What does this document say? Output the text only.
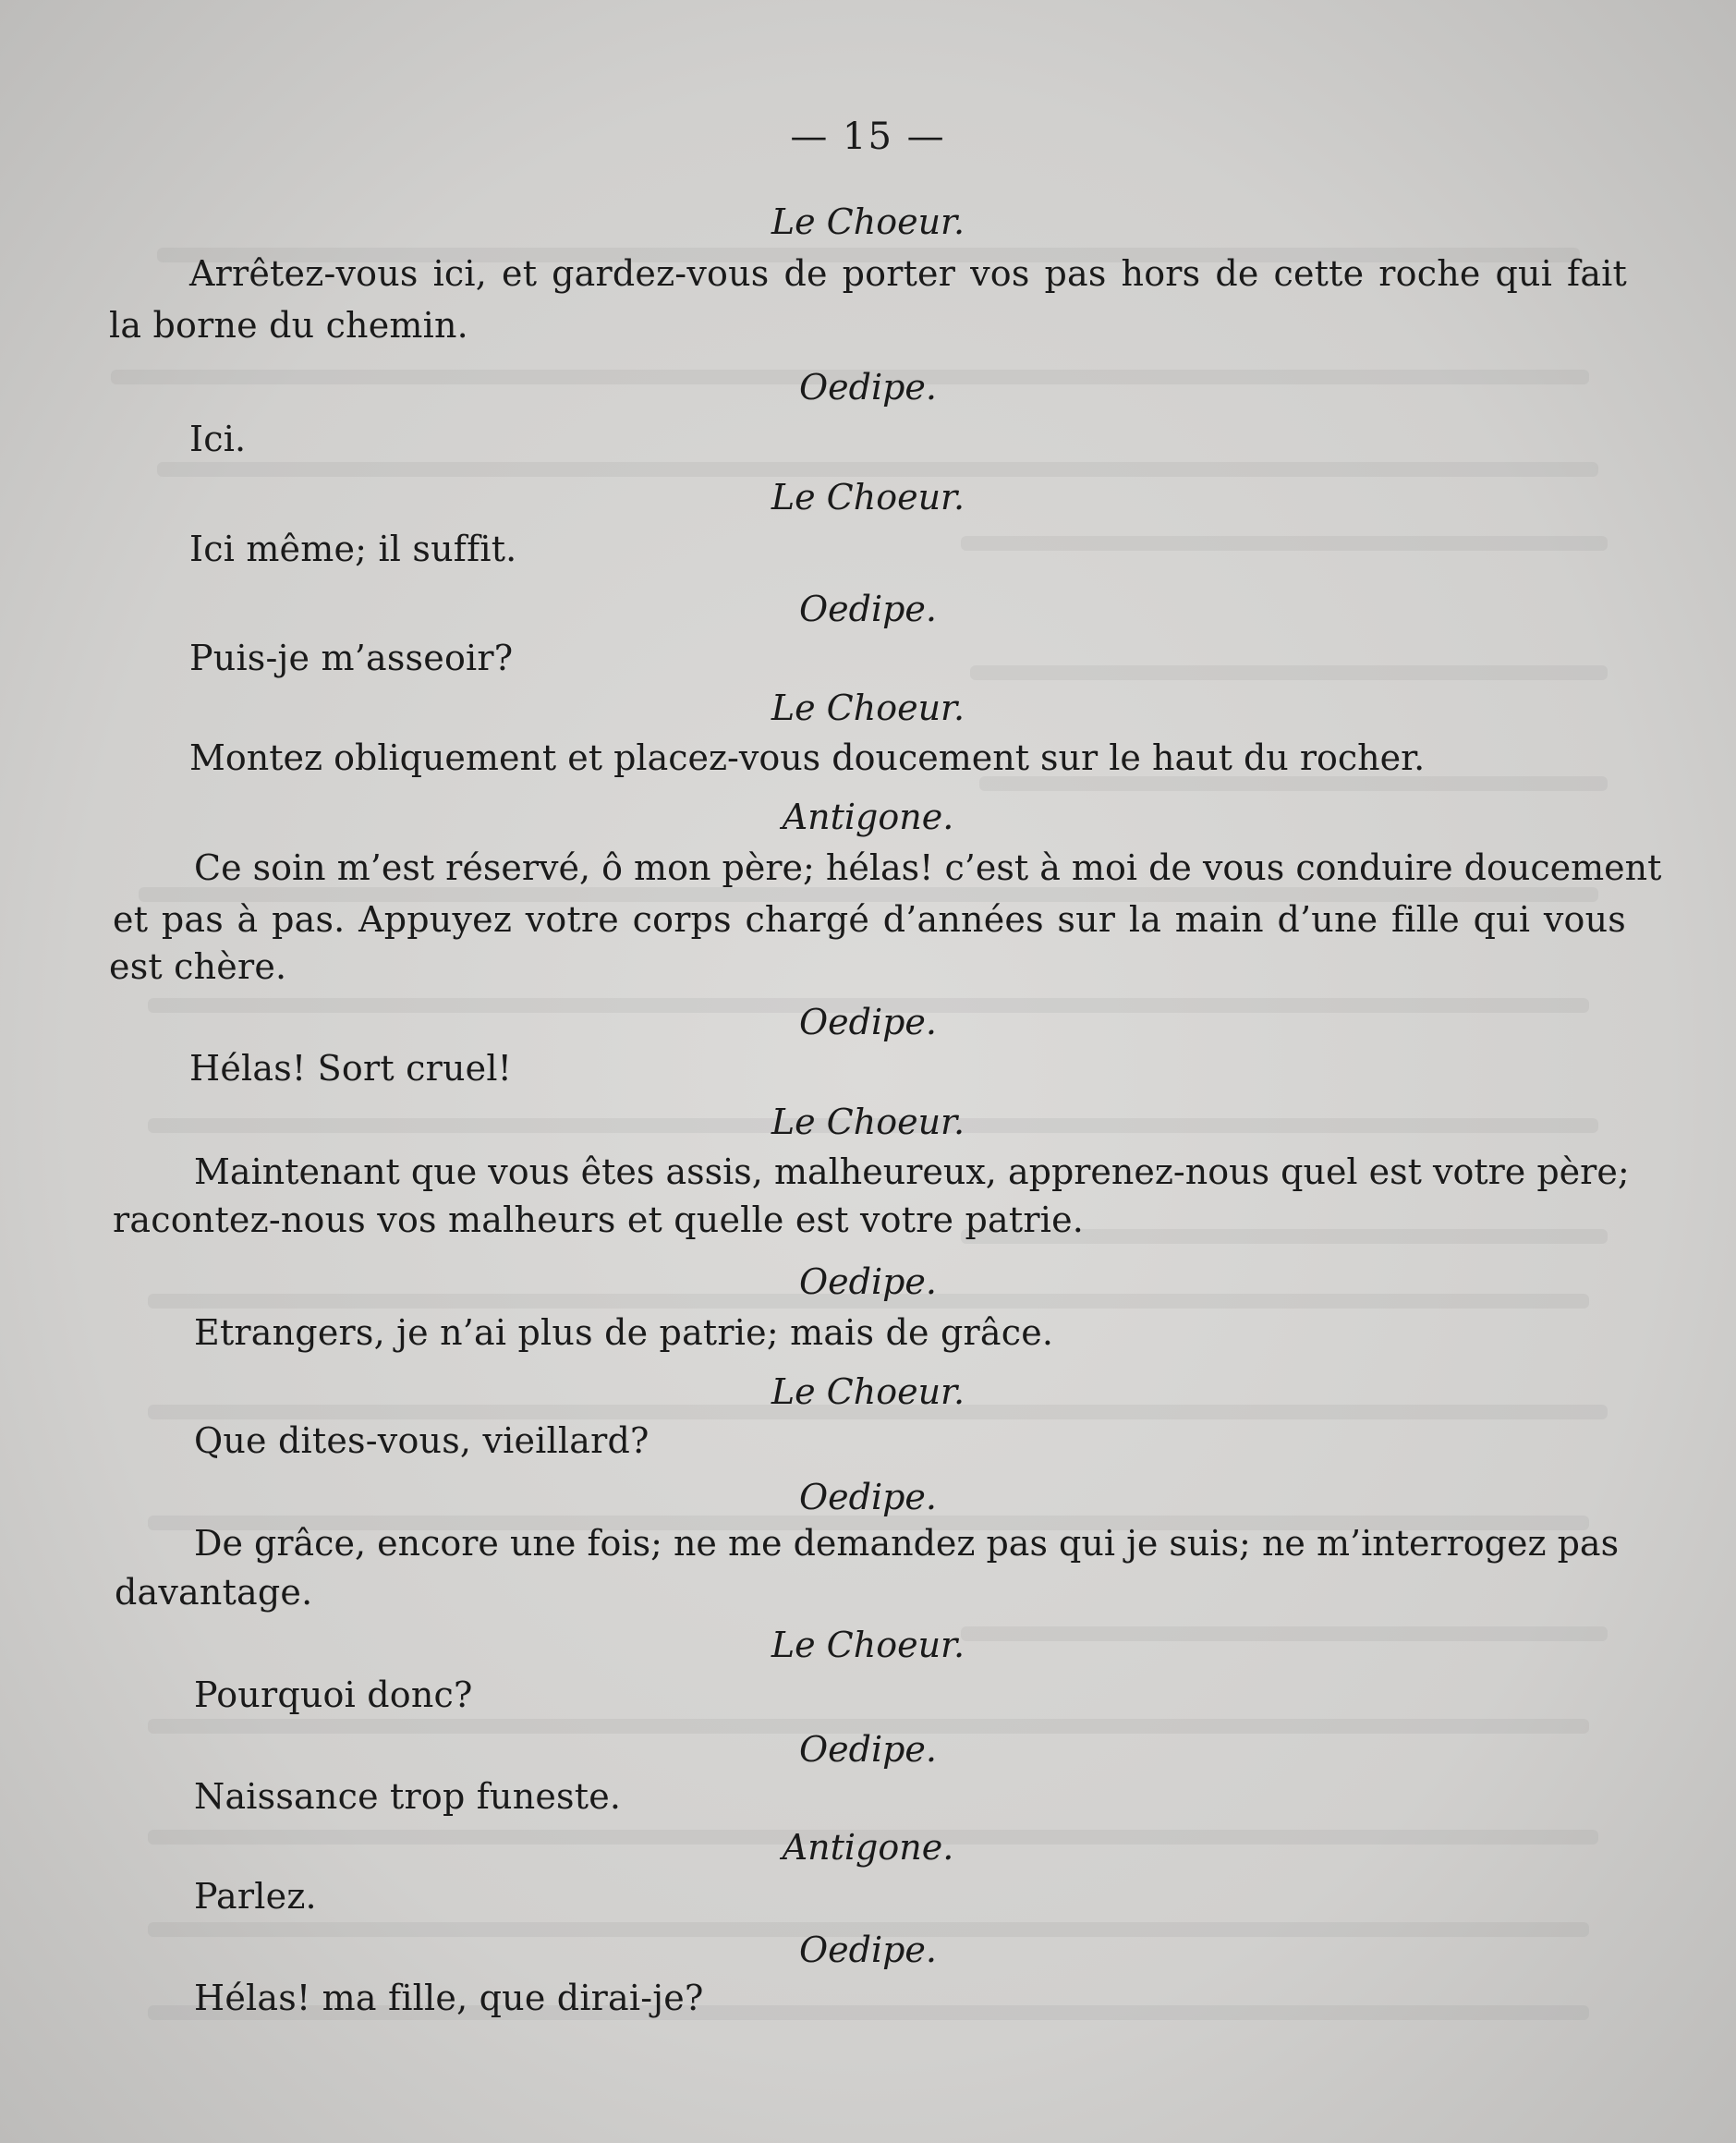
— 15 —
Le Choeur.
Arrêtez-vous ici, et gardez-vous de porter vos pas hors de cette roche qui fait
la borne du chemin.
Oedipe.
Ici.
Le Choeur.
Ici même; il suffit.
Oedipe.
Puis-je m’asseoir?
Le Choeur.
Montez obliquement et placez-vous doucement sur le haut du rocher.
Antigone.
Ce soin m’est réservé, ô mon père; hélas! c’est à moi de vous conduire doucement
et pas à pas. Appuyez votre corps chargé d’années sur la main d’une fille qui vous
est chère.
Oedipe.
Hélas! Sort cruel!
Le Choeur.
Maintenant que vous êtes assis, malheureux, apprenez-nous quel est votre père;
racontez-nous vos malheurs et quelle est votre patrie.
Oedipe.
Etrangers, je n’ai plus de patrie; mais de grâce.
Le Choeur.
Que dites-vous, vieillard?
Oedipe.
De grâce, encore une fois; ne me demandez pas qui je suis; ne m’interrogez pas
davantage.
Le Choeur.
Pourquoi donc?
Oedipe.
Naissance trop funeste.
Antigone.
Parlez.
Oedipe.
Hélas! ma fille, que dirai-je?
